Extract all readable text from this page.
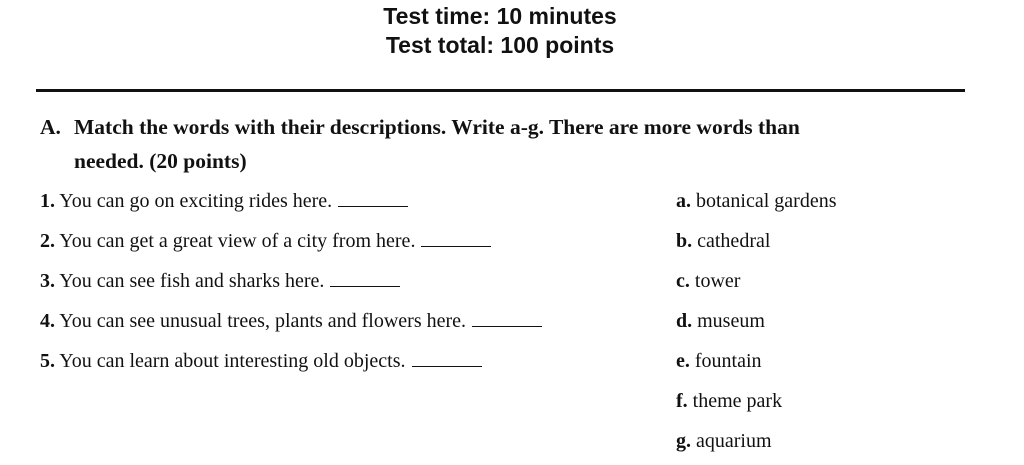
Test time: 10 minutes
Test total: 100 points

A. Match the words with their descriptions. Write a-g. There are more words than
needed. (20 points)

1. You can go on exciting rides here.
2. You can get a great view of a city from here.
3. You can see fish and sharks here.
4. You can see unusual trees, plants and flowers here.
5. You can learn about interesting old objects.
a. botanical gardens
b. cathedral
c. tower
d. museum
e. fountain
f. theme park
g. aquarium
